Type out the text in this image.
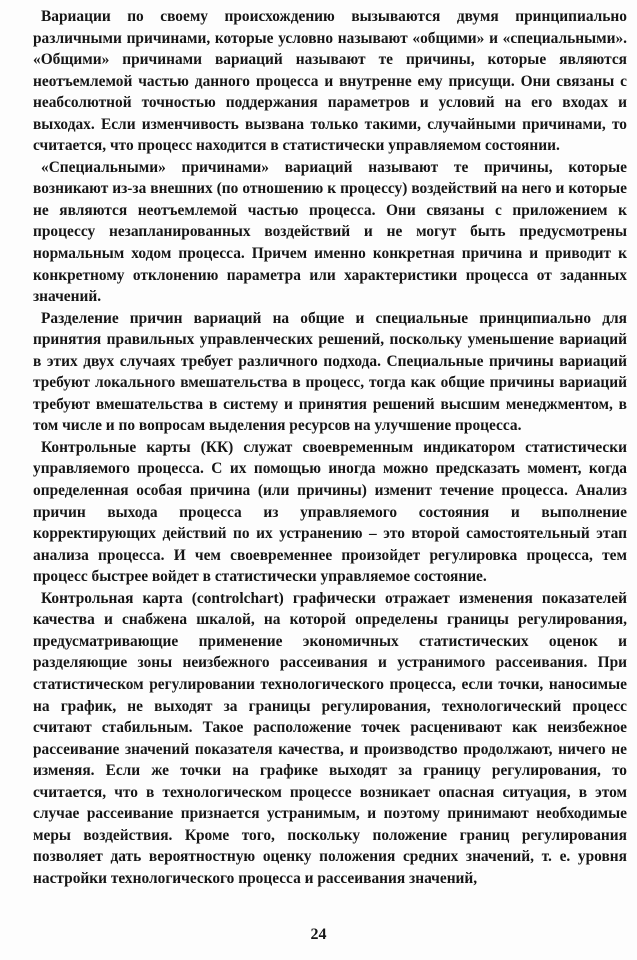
Вариации по своему происхождению вызываются двумя принципиально различными причинами, которые условно называют «общими» и «специальными». «Общими» причинами вариаций называют те причины, которые являются неотъемлемой частью данного процесса и внутренне ему присущи. Они связаны с неабсолютной точностью поддержания параметров и условий на его входах и выходах. Если изменчивость вызвана только такими, случайными причинами, то считается, что процесс находится в статистически управляемом состоянии.

«Специальными» причинами» вариаций называют те причины, которые возникают из-за внешних (по отношению к процессу) воздействий на него и которые не являются неотъемлемой частью процесса. Они связаны с приложением к процессу незапланированных воздействий и не могут быть предусмотрены нормальным ходом процесса. Причем именно конкретная причина и приводит к конкретному отклонению параметра или характеристики процесса от заданных значений.

Разделение причин вариаций на общие и специальные принципиально для принятия правильных управленческих решений, поскольку уменьшение вариаций в этих двух случаях требует различного подхода. Специальные причины вариаций требуют локального вмешательства в процесс, тогда как общие причины вариаций требуют вмешательства в систему и принятия решений высшим менеджментом, в том числе и по вопросам выделения ресурсов на улучшение процесса.

Контрольные карты (КК) служат своевременным индикатором статистически управляемого процесса. С их помощью иногда можно предсказать момент, когда определенная особая причина (или причины) изменит течение процесса. Анализ причин выхода процесса из управляемого состояния и выполнение корректирующих действий по их устранению – это второй самостоятельный этап анализа процесса. И чем своевременнее произойдет регулировка процесса, тем процесс быстрее войдет в статистически управляемое состояние.

Контрольная карта (controlchart) графически отражает изменения показателей качества и снабжена шкалой, на которой определены границы регулирования, предусматривающие применение экономичных статистических оценок и разделяющие зоны неизбежного рассеивания и устранимого рассеивания. При статистическом регулировании технологического процесса, если точки, наносимые на график, не выходят за границы регулирования, технологический процесс считают стабильным. Такое расположение точек расценивают как неизбежное рассеивание значений показателя качества, и производство продолжают, ничего не изменяя. Если же точки на графике выходят за границу регулирования, то считается, что в технологическом процессе возникает опасная ситуация, в этом случае рассеивание признается устранимым, и поэтому принимают необходимые меры воздействия. Кроме того, поскольку положение границ регулирования позволяет дать вероятностную оценку положения средних значений, т. е. уровня настройки технологического процесса и рассеивания значений,

24
